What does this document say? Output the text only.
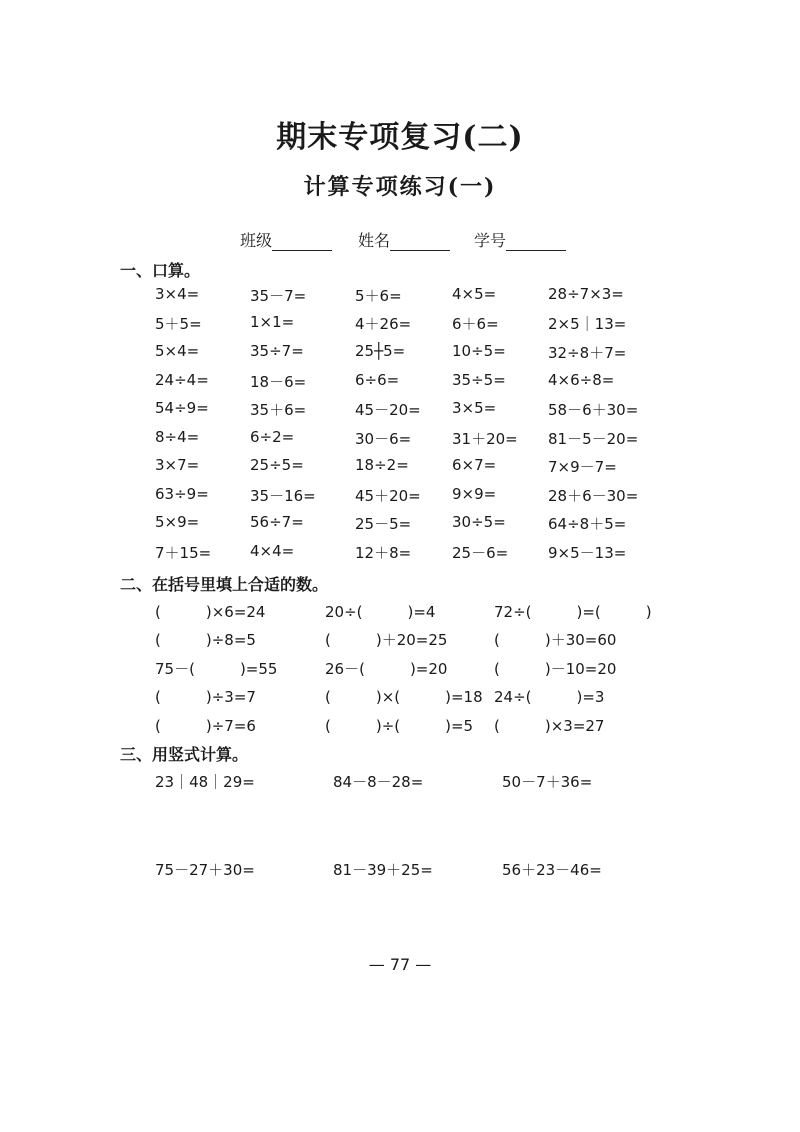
期末专项复习(二)
计算专项练习(一)
班级	姓名	学号
一、口算。
3×4=	35－7=	5＋6=	4×5=	28÷7×3=
5＋5=	1×1=	4＋26=	6＋6=	2×5｜13=
5×4=	35÷7=	25┼5=	10÷5=	32÷8＋7=
24÷4=	18－6=	6÷6=	35÷5=	4×6÷8=
54÷9=	35＋6=	45－20= 3×5=	58－6＋30=
8÷4=	6÷2=	30－6=	31＋20= 81－5－20=
3×7=	25÷5=	18÷2=	6×7=	7×9－7=
63÷9=	35－16=	45＋20= 9×9=	28＋6－30=
5×9=	56÷7=	25－5=	30÷5=	64÷8＋5=
7＋15=	4×4=	12＋8=	25－6=	9×5－13=
二、在括号里填上合适的数。
(　　　)×6=24	20÷(　　　)=4	72÷(　　　)=(　　　)
(　　　)÷8=5	(　　　)＋20=25	(　　　)＋30=60
75－(　　　)=55	26－(　　　)=20	(　　　)－10=20
(　　　)÷3=7	(　　　)×(　　　)=18 24÷(　　　)=3
(　　　)÷7=6	(　　　)÷(　　　)=5 (　　　)×3=27
三、用竖式计算。
23｜48｜29=	84－8－28=	50－7＋36=
75－27＋30=	81－39＋25=	56＋23－46=
— 77 —
